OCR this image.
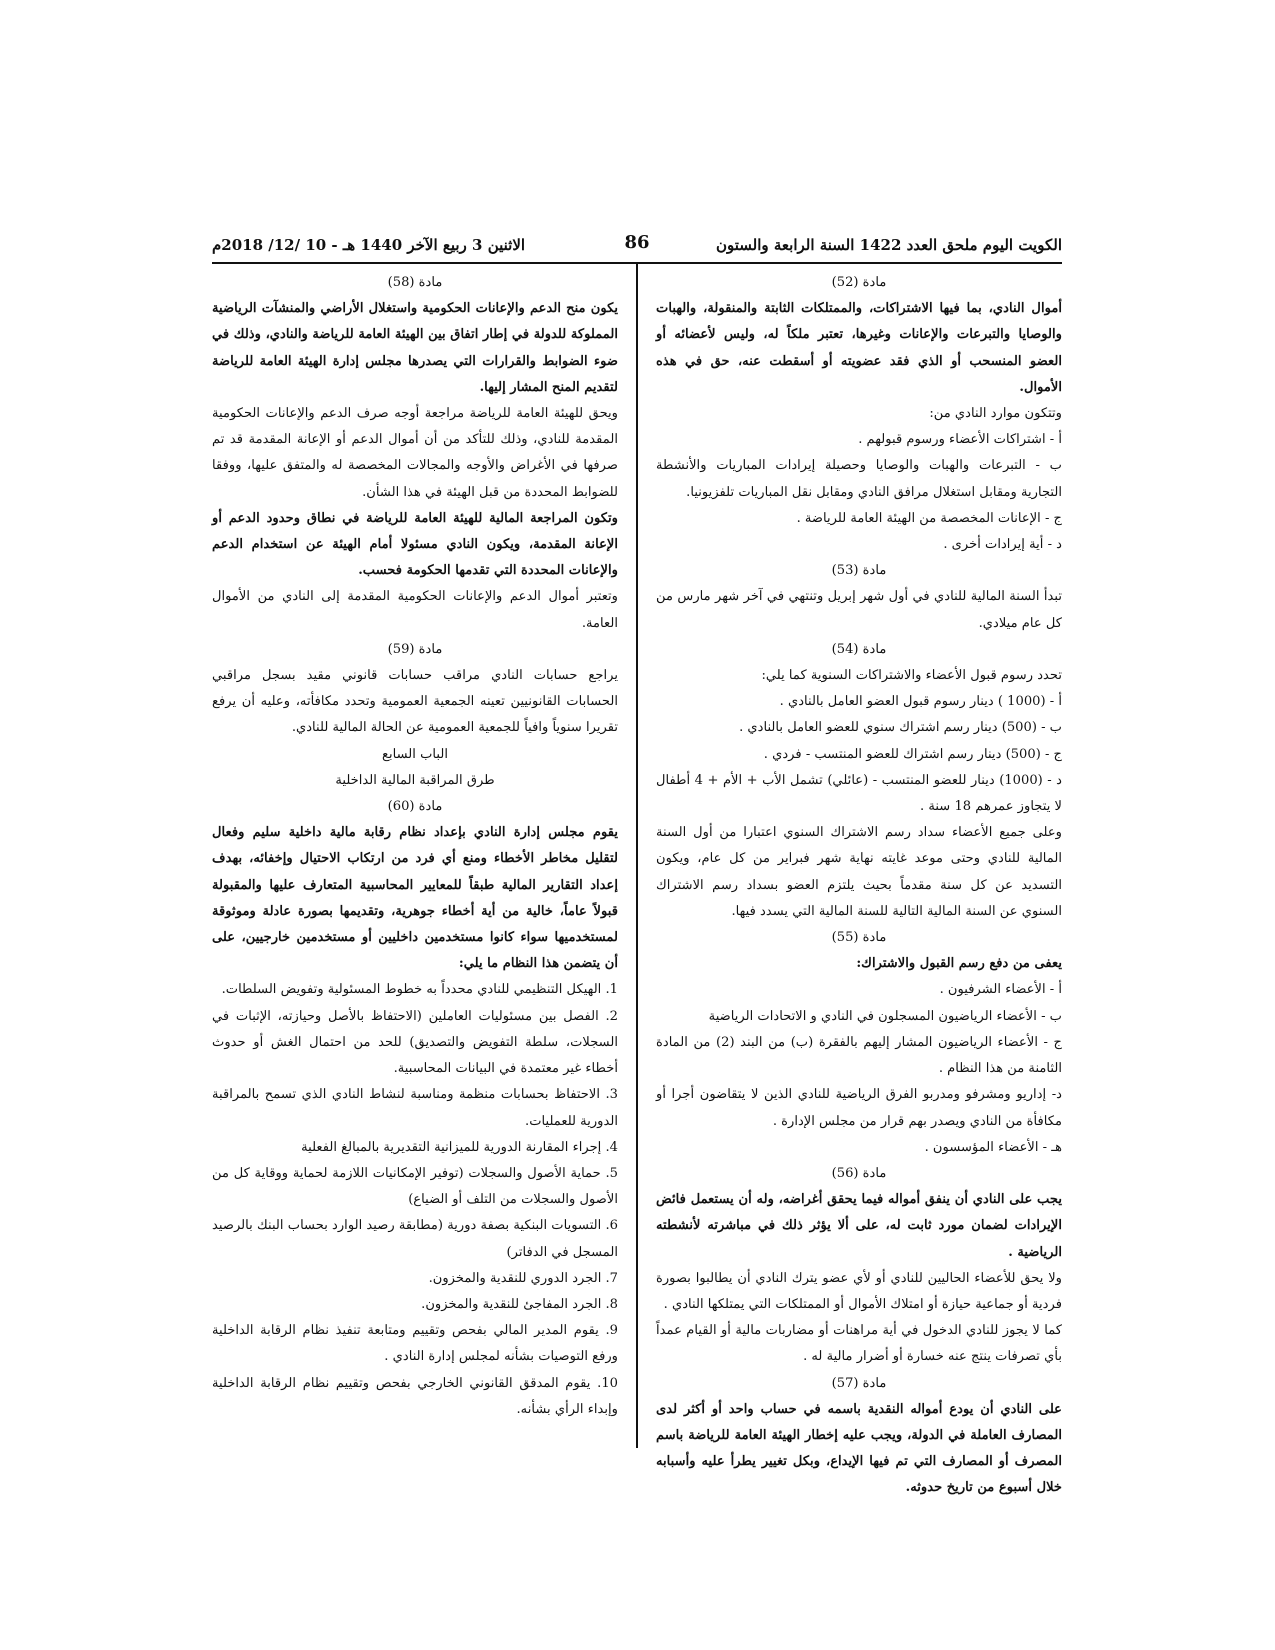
الكويت اليوم ملحق العدد 1422 السنة الرابعة والستون
86
الاثنين 3 ربيع الآخر 1440 هـ - 10 /12/ 2018م

مادة (52)

أموال النادي، بما فيها الاشتراكات، والممتلكات الثابتة والمنقولة، والهبات والوصايا والتبرعات والإعانات وغيرها، تعتبر ملكاً له، وليس لأعضائه أو العضو المنسحب أو الذي فقد عضويته أو أسقطت عنه، حق في هذه الأموال.

وتتكون موارد النادي من:

أ - اشتراكات الأعضاء ورسوم قبولهم .

ب - التبرعات والهبات والوصايا وحصيلة إيرادات المباريات والأنشطة التجارية ومقابل استغلال مرافق النادي ومقابل نقل المباريات تلفزيونيا.

ج - الإعانات المخصصة من الهيئة العامة للرياضة .

د - أية إيرادات أخرى .

مادة (53)

تبدأ السنة المالية للنادي في أول شهر إبريل وتنتهي في آخر شهر مارس من كل عام ميلادي.

مادة (54)

تحدد رسوم قبول الأعضاء والاشتراكات السنوية كما يلي:

أ - (1000 ) دينار رسوم قبول العضو العامل بالنادي .

ب - (500) دينار رسم اشتراك سنوي للعضو العامل بالنادي .

ج - (500) دينار رسم اشتراك للعضو المنتسب - فردي .

د - (1000) دينار للعضو المنتسب - (عائلي) تشمل الأب + الأم + 4 أطفال لا يتجاوز عمرهم 18 سنة .

وعلى جميع الأعضاء سداد رسم الاشتراك السنوي اعتبارا من أول السنة المالية للنادي وحتى موعد غايته نهاية شهر فبراير من كل عام، ويكون التسديد عن كل سنة مقدماً بحيث يلتزم العضو بسداد رسم الاشتراك السنوي عن السنة المالية التالية للسنة المالية التي يسدد فيها.

مادة (55)

يعفى من دفع رسم القبول والاشتراك:

أ - الأعضاء الشرفيون .

ب - الأعضاء الرياضيون المسجلون في النادي و الاتحادات الرياضية

ج - الأعضاء الرياضيون المشار إليهم بالفقرة (ب) من البند (2) من المادة الثامنة من هذا النظام .

د- إداريو ومشرفو ومدربو الفرق الرياضية للنادي الذين لا يتقاضون أجرا أو مكافأة من النادي ويصدر بهم قرار من مجلس الإدارة .

هـ - الأعضاء المؤسسون .

مادة (56)

يجب على النادي أن ينفق أمواله فيما يحقق أغراضه، وله أن يستعمل فائض الإيرادات لضمان مورد ثابت له، على ألا يؤثر ذلك في مباشرته لأنشطته الرياضية .

ولا يحق للأعضاء الحاليين للنادي أو لأي عضو يترك النادي أن يطالبوا بصورة فردية أو جماعية حيازة أو امتلاك الأموال أو الممتلكات التي يمتلكها النادي .

كما لا يجوز للنادي الدخول في أية مراهنات أو مضاربات مالية أو القيام عمداً بأي تصرفات ينتج عنه خسارة أو أضرار مالية له .

مادة (57)

على النادي أن يودع أمواله النقدية باسمه في حساب واحد أو أكثر لدى المصارف العاملة في الدولة، ويجب عليه إخطار الهيئة العامة للرياضة باسم المصرف أو المصارف التي تم فيها الإيداع، وبكل تغيير يطرأ عليه وأسبابه خلال أسبوع من تاريخ حدوثه.

مادة (58)

يكون منح الدعم والإعانات الحكومية واستغلال الأراضي والمنشآت الرياضية المملوكة للدولة في إطار اتفاق بين الهيئة العامة للرياضة والنادي، وذلك في ضوء الضوابط والقرارات التي يصدرها مجلس إدارة الهيئة العامة للرياضة لتقديم المنح المشار إليها.

ويحق للهيئة العامة للرياضة مراجعة أوجه صرف الدعم والإعانات الحكومية المقدمة للنادي، وذلك للتأكد من أن أموال الدعم أو الإعانة المقدمة قد تم صرفها في الأغراض والأوجه والمجالات المخصصة له والمتفق عليها، ووفقا للضوابط المحددة من قبل الهيئة في هذا الشأن.

وتكون المراجعة المالية للهيئة العامة للرياضة في نطاق وحدود الدعم أو الإعانة المقدمة، ويكون النادي مسئولا أمام الهيئة عن استخدام الدعم والإعانات المحددة التي تقدمها الحكومة فحسب.

وتعتبر أموال الدعم والإعانات الحكومية المقدمة إلى النادي من الأموال العامة.

مادة (59)

يراجع حسابات النادي مراقب حسابات قانوني مقيد بسجل مراقبي الحسابات القانونيين تعينه الجمعية العمومية وتحدد مكافأته، وعليه أن يرفع تقريرا سنوياً وافياً للجمعية العمومية عن الحالة المالية للنادي.

الباب السابع

طرق المراقبة المالية الداخلية

مادة (60)

يقوم مجلس إدارة النادي بإعداد نظام رقابة مالية داخلية سليم وفعال لتقليل مخاطر الأخطاء ومنع أي فرد من ارتكاب الاحتيال وإخفائه، بهدف إعداد التقارير المالية طبقاً للمعايير المحاسبية المتعارف عليها والمقبولة قبولاً عاماً، خالية من أية أخطاء جوهرية، وتقديمها بصورة عادلة وموثوقة لمستخدميها سواء كانوا مستخدمين داخليين أو مستخدمين خارجيين، على أن يتضمن هذا النظام ما يلي:

1. الهيكل التنظيمي للنادي محدداً به خطوط المسئولية وتفويض السلطات.

2. الفصل بين مسئوليات العاملين (الاحتفاظ بالأصل وحيازته، الإثبات في السجلات، سلطة التفويض والتصديق) للحد من احتمال الغش أو حدوث أخطاء غير معتمدة في البيانات المحاسبية.

3. الاحتفاظ بحسابات منظمة ومناسبة لنشاط النادي الذي تسمح بالمراقبة الدورية للعمليات.

4. إجراء المقارنة الدورية للميزانية التقديرية بالمبالغ الفعلية

5. حماية الأصول والسجلات (توفير الإمكانيات اللازمة لحماية ووقاية كل من الأصول والسجلات من التلف أو الضياع)

6. التسويات البنكية بصفة دورية (مطابقة رصيد الوارد بحساب البنك بالرصيد المسجل في الدفاتر)

7. الجرد الدوري للنقدية والمخزون.

8. الجرد المفاجئ للنقدية والمخزون.

9. يقوم المدير المالي بفحص وتقييم ومتابعة تنفيذ نظام الرقابة الداخلية ورفع التوصيات بشأنه لمجلس إدارة النادي .

10. يقوم المدقق القانوني الخارجي بفحص وتقييم نظام الرقابة الداخلية وإبداء الرأي بشأنه.
